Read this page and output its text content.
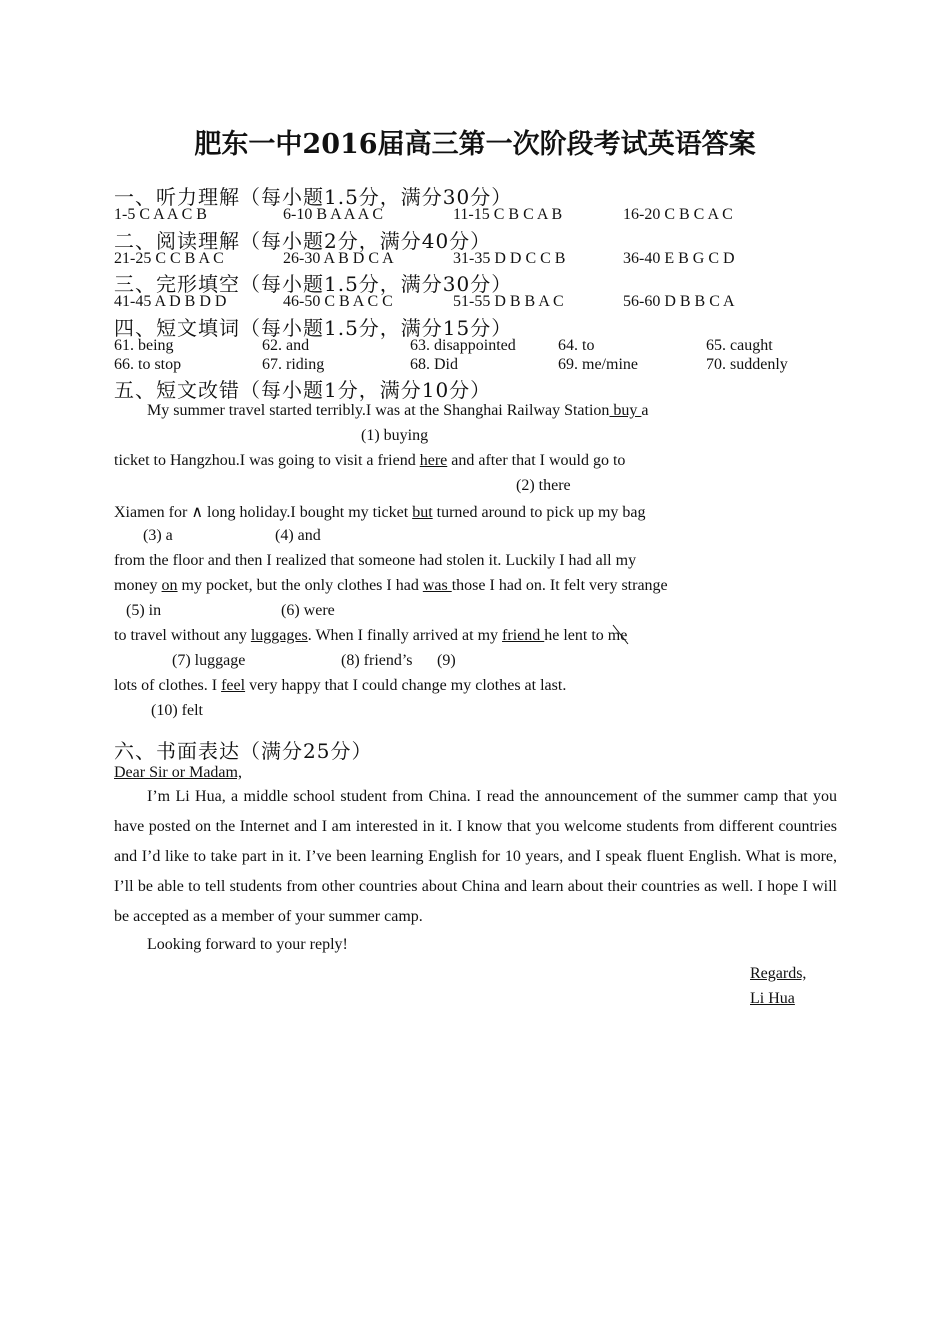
肥东一中2016届高三第一次阶段考试英语答案
一、听力理解（每小题1.5分，满分30分）
1-5 C A A C B	6-10 B A A A C	11-15 C B C A B	16-20 C B C A C
二、阅读理解（每小题2分，满分40分）
21-25 C C B A C	26-30 A B D C A	31-35 D D C C B	36-40 E B G C D
三、完形填空（每小题1.5分，满分30分）
41-45 A D B D D	46-50 C B A C C	51-55 D B B A C	56-60 D B B C A
四、短文填词（每小题1.5分，满分15分）
61. being	62. and	63. disappointed	64. to	65. caught
66. to stop	67. riding	68. Did	69. me/mine	70. suddenly
五、短文改错（每小题1分，满分10分）
My summer travel started terribly.I was at the Shanghai Railway Station buy a
(1) buying
ticket to Hangzhou.I was going to visit a friend here and after that I would go to
(2) there
Xiamen for ∧ long holiday.I bought my ticket but turned around to pick up my bag
(3) a	(4) and
from the floor and then I realized that someone had stolen it. Luckily I had all my
money on my pocket, but the only clothes I had was those I had on. It felt very strange
(5) in	(6) were
to travel without any luggages. When I finally arrived at my friend he lent to me
(7) luggage	(8) friend’s (9)
lots of clothes. I feel very happy that I could change my clothes at last.
(10) felt
六、书面表达（满分25分）
Dear Sir or Madam,
I’m Li Hua, a middle school student from China. I read the announcement of the summer camp that you have posted on the Internet and I am interested in it. I know that you welcome students from different countries and I’d like to take part in it. I’ve been learning English for 10 years, and I speak fluent English. What is more, I’ll be able to tell students from other countries about China and learn about their countries as well. I hope I will be accepted as a member of your summer camp.
Looking forward to your reply!
Regards,
Li Hua
